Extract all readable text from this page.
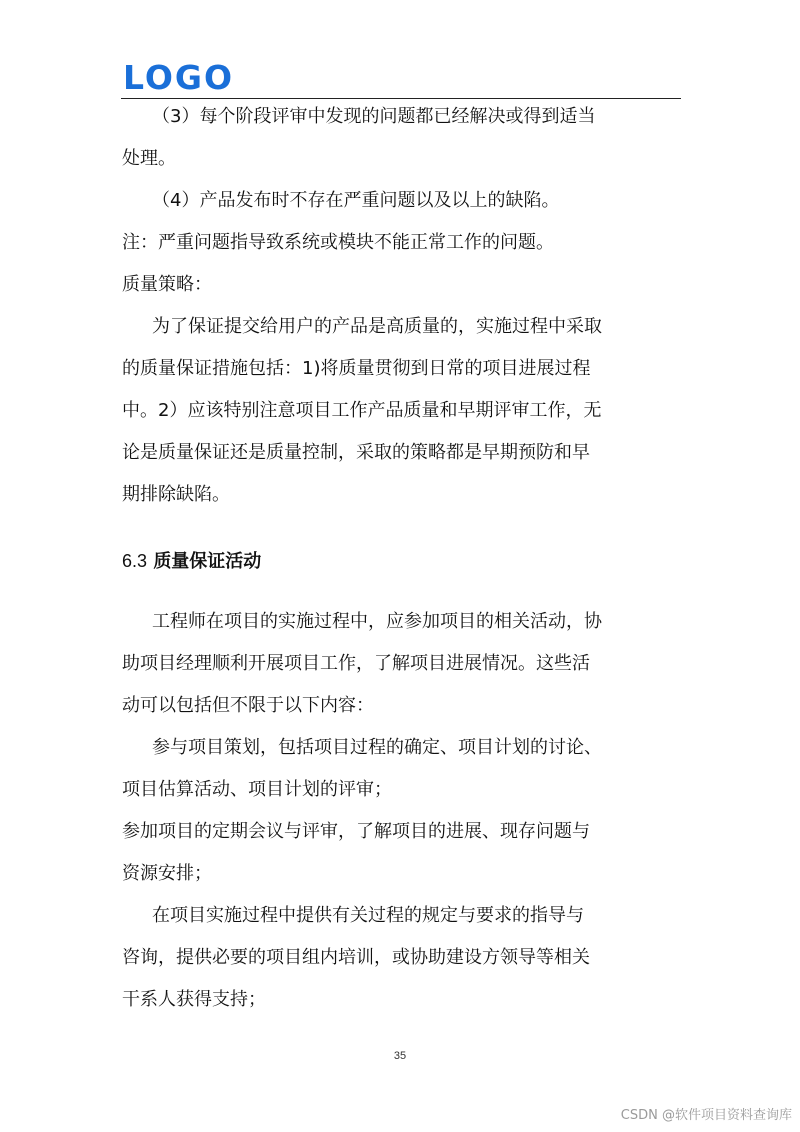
LOGO

（3）每个阶段评审中发现的问题都已经解决或得到适当

处理。

（4）产品发布时不存在严重问题以及以上的缺陷。

注：严重问题指导致系统或模块不能正常工作的问题。

质量策略：

为了保证提交给用户的产品是高质量的，实施过程中采取

的质量保证措施包括：1)将质量贯彻到日常的项目进展过程

中。2）应该特别注意项目工作产品质量和早期评审工作，无

论是质量保证还是质量控制，采取的策略都是早期预防和早

期排除缺陷。

6.3 质量保证活动

工程师在项目的实施过程中，应参加项目的相关活动，协

助项目经理顺利开展项目工作，了解项目进展情况。这些活

动可以包括但不限于以下内容：

参与项目策划，包括项目过程的确定、项目计划的讨论、

项目估算活动、项目计划的评审；

参加项目的定期会议与评审，了解项目的进展、现存问题与

资源安排；

在项目实施过程中提供有关过程的规定与要求的指导与

咨询，提供必要的项目组内培训，或协助建设方领导等相关

干系人获得支持；

35
CSDN @软件项目资料查询库
